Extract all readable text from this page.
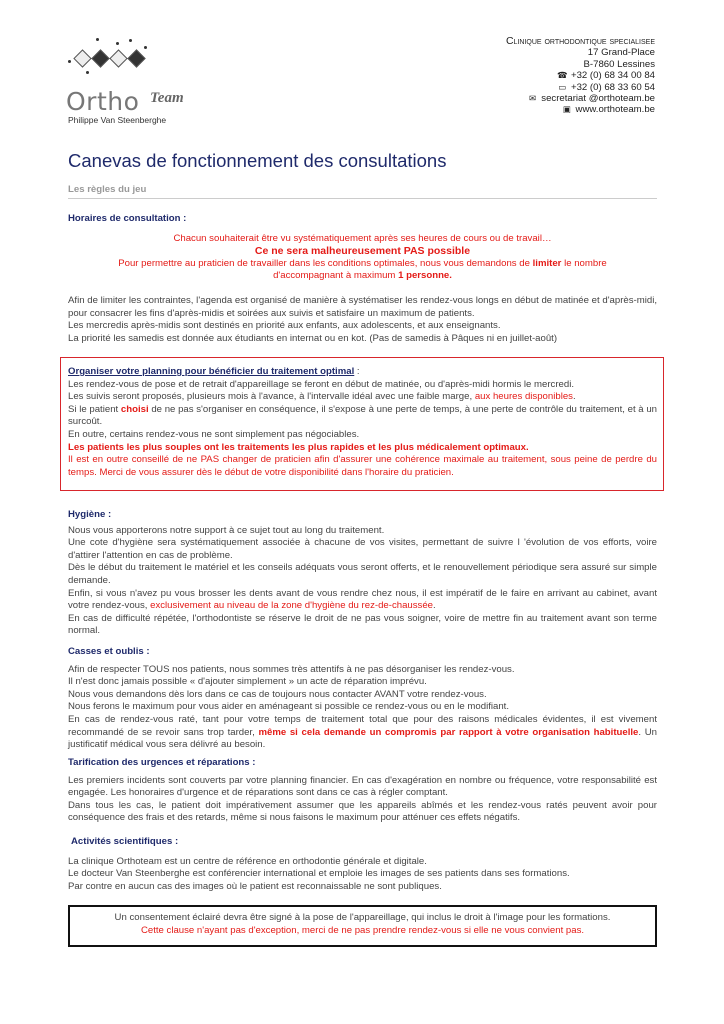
Ortho Team
Philippe Van Steenberghe
Clinique orthodontique specialisee
17 Grand-Place
B-7860 Lessines
☎ +32 (0) 68 34 00 84
▭ +32 (0) 68 33 60 54
✉ secretariat @orthoteam.be
▣ www.orthoteam.be
Canevas de fonctionnement des consultations
Les règles du jeu

Horaires de consultation :

Chacun souhaiterait être vu systématiquement après ses heures de cours ou de travail…

Ce ne sera malheureusement PAS possible

Pour permettre au praticien de travailler dans les conditions optimales, nous vous demandons de limiter le nombre

d'accompagnant à maximum 1 personne.

Afin de limiter les contraintes, l'agenda est organisé de manière à systématiser les rendez-vous longs en début de matinée et d'après-midi, pour consacrer les fins d'après-midis et soirées aux suivis et satisfaire un maximum de patients.

Les mercredis après-midis sont destinés en priorité aux enfants, aux adolescents, et aux enseignants.

La priorité les samedis est donnée aux étudiants en internat ou en kot. (Pas de samedis à Pâques ni en juillet-août)

Organiser votre planning pour bénéficier du traitement optimal :

Les rendez-vous de pose et de retrait d'appareillage se feront en début de matinée, ou d'après-midi hormis le mercredi.

Les suivis seront proposés, plusieurs mois à l'avance, à l'intervalle idéal avec une faible marge, aux heures disponibles.

Si le patient choisi de ne pas s'organiser en conséquence, il s'expose à une perte de temps, à une perte de contrôle du traitement, et à un surcoût.

En outre, certains rendez-vous ne sont simplement pas négociables.

Les patients les plus souples ont les traitements les plus rapides et les plus médicalement optimaux.

Il est en outre conseillé de ne PAS changer de praticien afin d'assurer une cohérence maximale au traitement, sous peine de perdre du temps. Merci de vous assurer dès le début de votre disponibilité dans l'horaire du praticien.

Hygiène :

Nous vous apporterons notre support à ce sujet tout au long du traitement.

Une cote d'hygiène sera systématiquement associée à chacune de vos visites, permettant de suivre l 'évolution de vos efforts, voire d'attirer l'attention en cas de problème.

Dès le début du traitement le matériel et les conseils adéquats vous seront offerts, et le renouvellement périodique sera assuré sur simple demande.

Enfin, si vous n'avez pu vous brosser les dents avant de vous rendre chez nous, il est impératif de le faire en arrivant au cabinet, avant votre rendez-vous, exclusivement au niveau de la zone d'hygiène du rez-de-chaussée.

En cas de difficulté répétée, l'orthodontiste se réserve le droit de ne pas vous soigner, voire de mettre fin au traitement avant son terme normal.

Casses et oublis :

Afin de respecter TOUS nos patients, nous sommes très attentifs à ne pas désorganiser les rendez-vous.

Il n'est donc jamais possible « d'ajouter simplement » un acte de réparation imprévu.

Nous vous demandons dès lors dans ce cas de toujours nous contacter AVANT votre rendez-vous.

Nous ferons le maximum pour vous aider en aménageant si possible ce rendez-vous ou en le modifiant.

En cas de rendez-vous raté, tant pour votre temps de traitement total que pour des raisons médicales évidentes, il est vivement recommandé de se revoir sans trop tarder, même si cela demande un compromis par rapport à votre organisation habituelle. Un justificatif médical vous sera délivré au besoin.

Tarification des urgences et réparations :

Les premiers incidents sont couverts par votre planning financier. En cas d'exagération en nombre ou fréquence, votre responsabilité est engagée. Les honoraires d'urgence et de réparations sont dans ce cas à régler comptant.

Dans tous les cas, le patient doit impérativement assumer que les appareils abîmés et les rendez-vous ratés peuvent avoir pour conséquence des frais et des retards, même si nous faisons le maximum pour atténuer ces effets négatifs.

Activités scientifiques :

La clinique Orthoteam est un centre de référence en orthodontie générale et digitale.

Le docteur Van Steenberghe est conférencier international et emploie les images de ses patients dans ses formations.

Par contre en aucun cas des images où le patient est reconnaissable ne sont publiques.

Un consentement éclairé devra être signé à la pose de l'appareillage, qui inclus le droit à l'image pour les formations.

Cette clause n'ayant pas d'exception, merci de ne pas prendre rendez-vous si elle ne vous convient pas.
